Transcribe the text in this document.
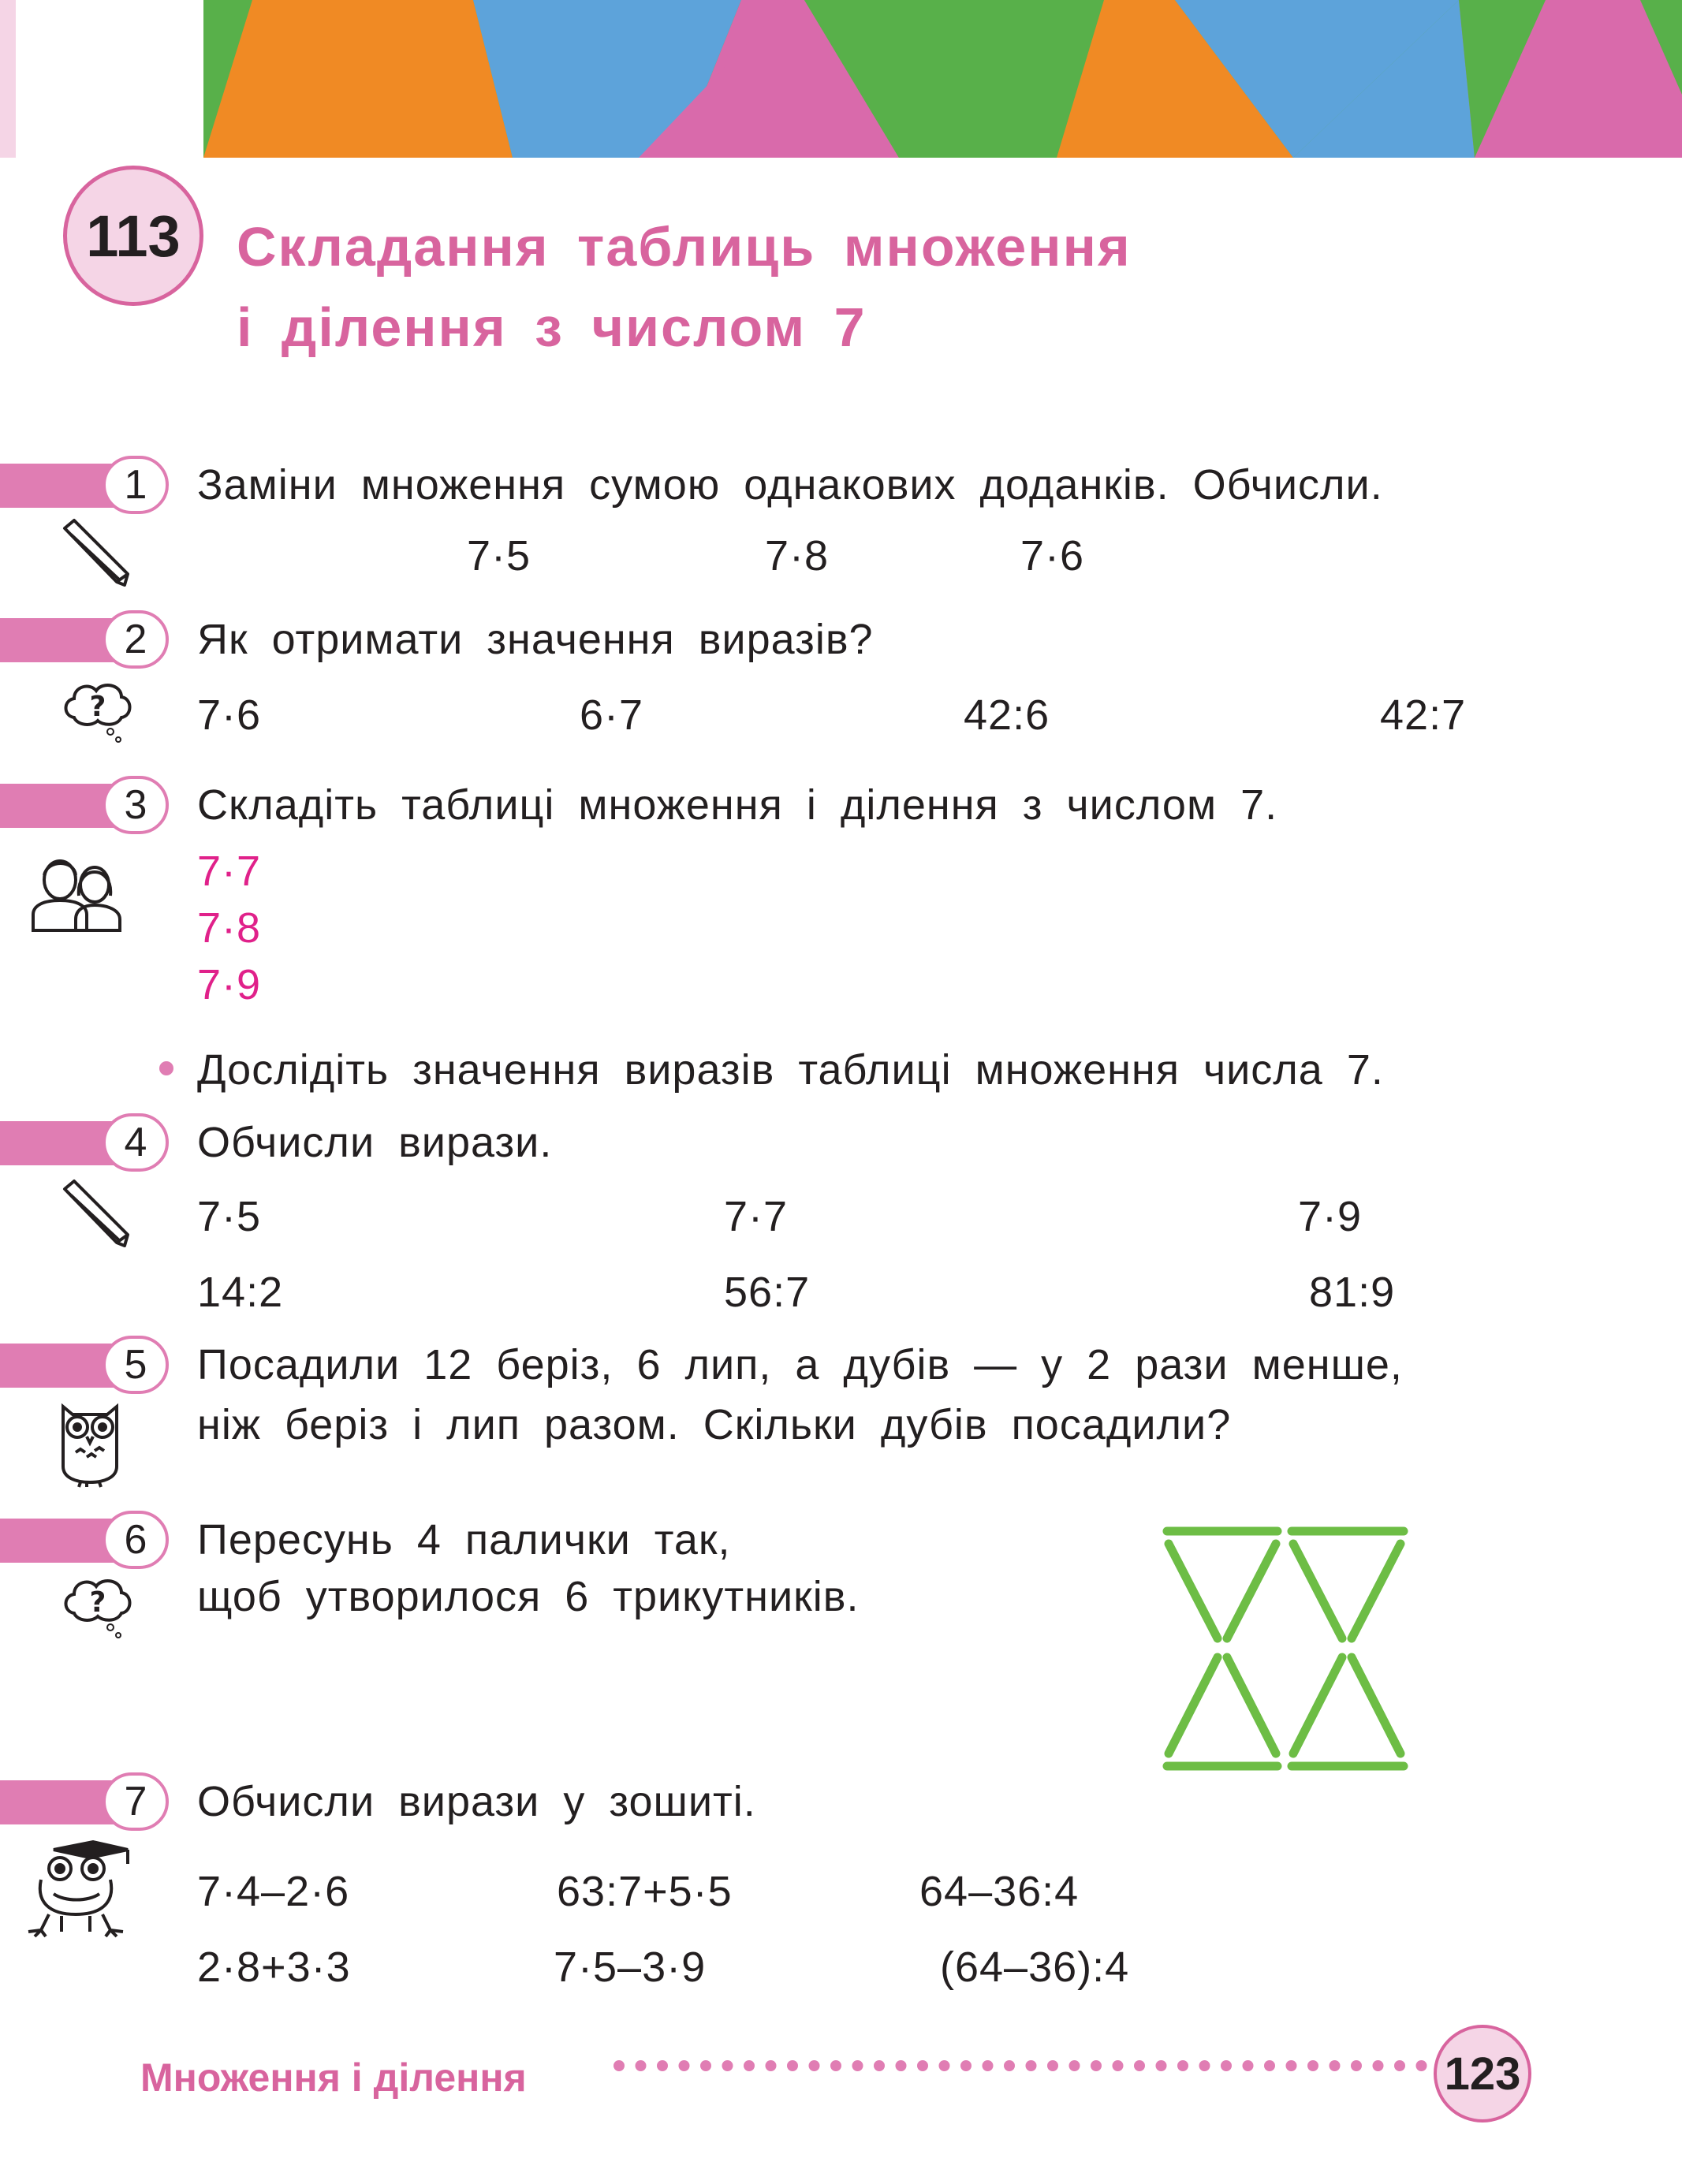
113	Складання таблиць множення
і ділення з числом 7
1	Заміни множення сумою однакових доданків. Обчисли.
7·5	7·8	7·6
2	Як отримати значення виразів?
? 7·6	6·7	42:6	42:7
3	Складіть таблиці множення і ділення з числом 7.
7·7
7·8
7·9
Дослідіть значення виразів таблиці множення числа 7.
4	Обчисли вирази.
7·5	7·7	7·9
14:2	56:7	81:9
5	Посадили 12 беріз, 6 лип, а дубів — у 2 рази менше,
ніж беріз і лип разом. Скільки дубів посадили?
6	Пересунь 4 палички так,
щоб утворилося 6 трикутників.
?
7	Обчисли вирази у зошиті.
7·4–2·6	63:7+5·5	64–36:4
2·8+3·3	7·5–3·9	(64–36):4
Множення і ділення	123
